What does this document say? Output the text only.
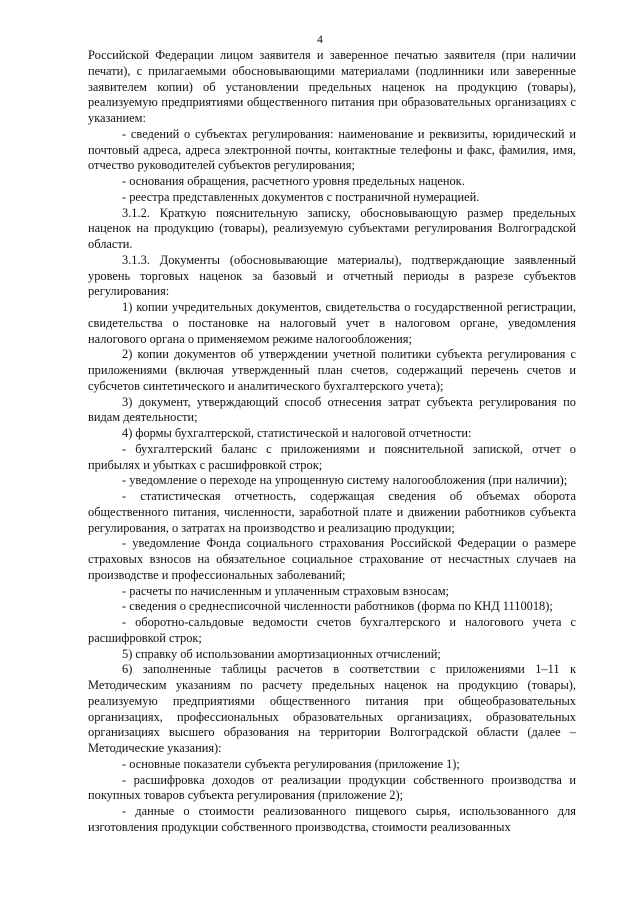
4

Российской Федерации лицом заявителя и заверенное печатью заявителя (при наличии печати), с прилагаемыми обосновывающими материалами (подлинники или заверенные заявителем копии) об установлении предельных наценок на продукцию (товары), реализуемую предприятиями общественного питания при образовательных организациях с указанием:

- сведений о субъектах регулирования: наименование и реквизиты, юридический и почтовый адреса, адреса электронной почты, контактные телефоны и факс, фамилия, имя, отчество руководителей субъектов регулирования;

- основания обращения, расчетного уровня предельных наценок.

- реестра представленных документов с постраничной нумерацией.

3.1.2. Краткую пояснительную записку, обосновывающую размер предельных наценок на продукцию (товары), реализуемую субъектами регулирования Волгоградской области.

3.1.3. Документы (обосновывающие материалы), подтверждающие заявленный уровень торговых наценок за базовый и отчетный периоды в разрезе субъектов регулирования:

1) копии учредительных документов, свидетельства о государственной регистрации, свидетельства о постановке на налоговый учет в налоговом органе, уведомления налогового органа о применяемом режиме налогообложения;

2) копии документов об утверждении учетной политики субъекта регулирования с приложениями (включая утвержденный план счетов, содержащий перечень счетов и субсчетов синтетического и аналитического бухгалтерского учета);

3) документ, утверждающий способ отнесения затрат субъекта регулирования по видам деятельности;

4) формы бухгалтерской, статистической и налоговой отчетности:

- бухгалтерский баланс с приложениями и пояснительной запиской, отчет о прибылях и убытках с расшифровкой строк;

- уведомление о переходе на упрощенную систему налогообложения (при наличии);

- статистическая отчетность, содержащая сведения об объемах оборота общественного питания, численности, заработной плате и движении работников субъекта регулирования, о затратах на производство и реализацию продукции;

- уведомление Фонда социального страхования Российской Федерации о размере страховых взносов на обязательное социальное страхование от несчастных случаев на производстве и профессиональных заболеваний;

- расчеты по начисленным и уплаченным страховым взносам;

- сведения о среднесписочной численности работников (форма по КНД 1110018);

- оборотно-сальдовые ведомости счетов бухгалтерского и налогового учета с расшифровкой строк;

5) справку об использовании амортизационных отчислений;

6) заполненные таблицы расчетов в соответствии с приложениями 1–11 к Методическим указаниям по расчету предельных наценок на продукцию (товары), реализуемую предприятиями общественного питания при общеобразовательных организациях, профессиональных образовательных организациях, образовательных организациях высшего образования на территории Волгоградской области (далее – Методические указания):

- основные показатели субъекта регулирования (приложение 1);

- расшифровка доходов от реализации продукции собственного производства и покупных товаров субъекта регулирования (приложение 2);

- данные о стоимости реализованного пищевого сырья, использованного для изготовления продукции собственного производства, стоимости реализованных
